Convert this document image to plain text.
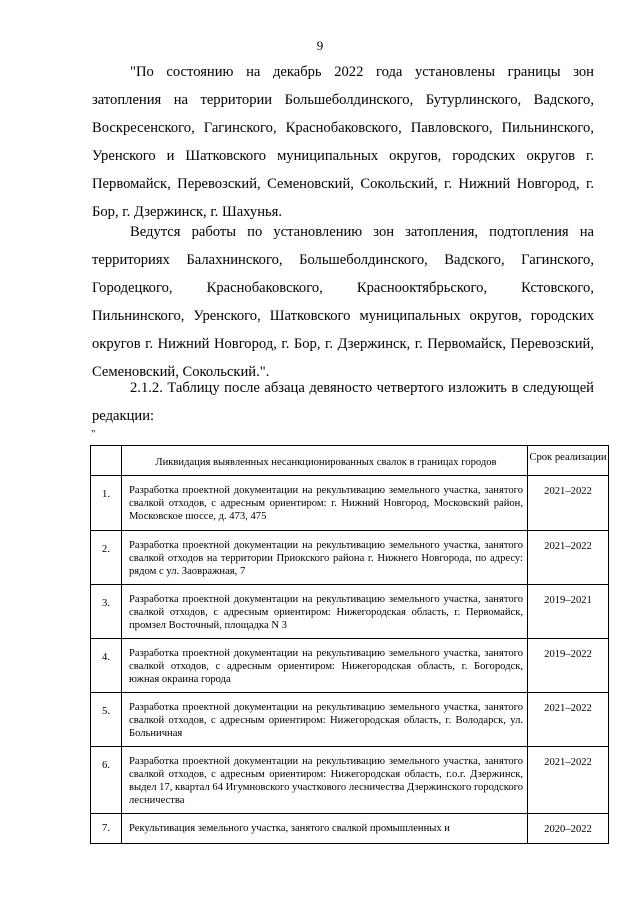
9

"По состоянию на декабрь 2022 года установлены границы зон затопления на территории Большеболдинского, Бутурлинского, Вадского, Воскресенского, Гагинского, Краснобаковского, Павловского, Пильнинского, Уренского и Шатковского муниципальных округов, городских округов г. Первомайск, Перевозский, Семеновский, Сокольский, г. Нижний Новгород, г. Бор, г. Дзержинск, г. Шахунья.

Ведутся работы по установлению зон затопления, подтопления на территориях Балахнинского, Большеболдинского, Вадского, Гагинского, Городецкого, Краснобаковского, Краснооктябрьского, Кстовского, Пильнинского, Уренского, Шатковского муниципальных округов, городских округов г. Нижний Новгород, г. Бор, г. Дзержинск, г. Первомайск, Перевозский, Семеновский, Сокольский.".

2.1.2. Таблицу после абзаца девяносто четвертого изложить в следующей редакции:

"
	Ликвидация выявленных несанкционированных свалок в границах городов	Срок реализации
1.	Разработка проектной документации на рекультивацию земельного участка, занятого свалкой отходов, с адресным ориентиром: г. Нижний Новгород, Московский район, Московское шоссе, д. 473, 475	2021–2022
2.	Разработка проектной документации на рекультивацию земельного участка, занятого свалкой отходов на территории Приокского района г. Нижнего Новгорода, по адресу: рядом с ул. Заовражная, 7	2021–2022
3.	Разработка проектной документации на рекультивацию земельного участка, занятого свалкой отходов, с адресным ориентиром: Нижегородская область, г. Первомайск, промзел Восточный, площадка N 3	2019–2021
4.	Разработка проектной документации на рекультивацию земельного участка, занятого свалкой отходов, с адресным ориентиром: Нижегородская область, г. Богородск, южная окраина города	2019–2022
5.	Разработка проектной документации на рекультивацию земельного участка, занятого свалкой отходов, с адресным ориентиром: Нижегородская область, г. Володарск, ул. Больничная	2021–2022
6.	Разработка проектной документации на рекультивацию земельного участка, занятого свалкой отходов, с адресным ориентиром: Нижегородская область, г.о.г. Дзержинск, выдел 17, квартал 64 Игумновского участкового лесничества Дзержинского городского лесничества	2021–2022
7.	Рекультивация земельного участка, занятого свалкой промышленных и	2020–2022
